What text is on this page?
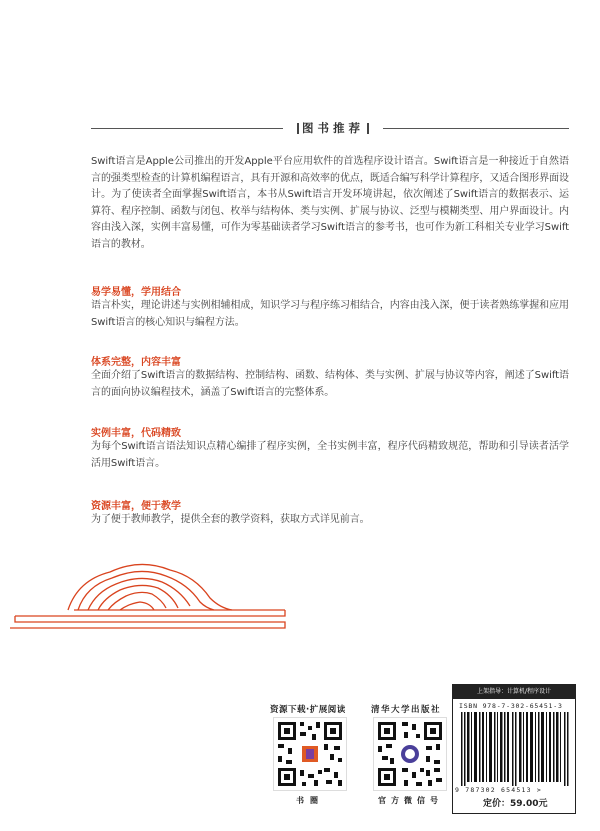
图书推荐
Swift语言是Apple公司推出的开发Apple平台应用软件的首选程序设计语言。Swift语言是一种接近于自然语言的强类型检查的计算机编程语言，具有开源和高效率的优点，既适合编写科学计算程序，又适合图形界面设计。为了使读者全面掌握Swift语言，本书从Swift语言开发环境讲起，依次阐述了Swift语言的数据表示、运算符、程序控制、函数与闭包、枚举与结构体、类与实例、扩展与协议、泛型与模糊类型、用户界面设计。内容由浅入深，实例丰富易懂，可作为零基础读者学习Swift语言的参考书，也可作为新工科相关专业学习Swift语言的教材。
易学易懂，学用结合
语言朴实，理论讲述与实例相辅相成，知识学习与程序练习相结合，内容由浅入深，便于读者熟练掌握和应用Swift语言的核心知识与编程方法。
体系完整，内容丰富
全面介绍了Swift语言的数据结构、控制结构、函数、结构体、类与实例、扩展与协议等内容，阐述了Swift语言的面向协议编程技术，涵盖了Swift语言的完整体系。
实例丰富，代码精致
为每个Swift语言语法知识点精心编排了程序实例，全书实例丰富，程序代码精致规范，帮助和引导读者活学活用Swift语言。
资源丰富，便于教学
为了便于教师教学，提供全套的教学资料，获取方式详见前言。
资源下载·扩展阅读
书圈
清华大学出版社
官方微信号
上架指导：计算机/程序设计
ISBN 978-7-302-65451-3
9 787302 654513 >
定价：59.00元
